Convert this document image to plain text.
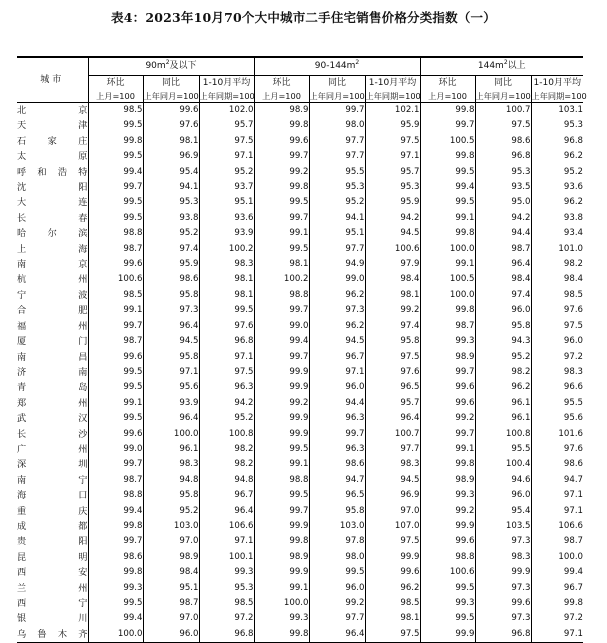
表4：2023年10月70个大中城市二手住宅销售价格分类指数（一）
城市	$90m^2$及以下			$90-144m^2$			$144m^2$以上		
	环比	同比	1-10月平均	环比	同比	1-10月平均	环比	同比	1-10月平均
	上月=100	上年同月=100	上年同期=100	上月=100	上年同月=100	上年同期=100	上月=100	上年同月=100	上年同期=100
北京	98.5	99.6	102.0	98.9	99.7	102.1	99.8	100.7	103.1
天津	99.5	97.6	95.7	99.8	98.0	95.9	99.7	97.5	95.3
石家庄	99.8	98.1	97.5	99.6	97.7	97.5	100.5	98.6	96.8
太原	99.5	96.9	97.1	99.7	97.7	97.1	99.8	96.8	96.2
呼和浩特	99.4	95.4	95.2	99.2	95.5	95.7	99.5	95.3	95.2
沈阳	99.7	94.1	93.7	99.8	95.3	95.3	99.4	93.5	93.6
大连	99.5	95.3	95.1	99.5	95.2	95.9	99.5	95.0	96.2
长春	99.5	93.8	93.6	99.7	94.1	94.2	99.1	94.2	93.8
哈尔滨	98.8	95.2	93.9	99.1	95.1	94.5	99.8	94.4	93.4
上海	98.7	97.4	100.2	99.5	97.7	100.6	100.0	98.7	101.0
南京	99.6	95.9	98.3	98.1	94.9	97.9	99.1	96.4	98.2
杭州	100.6	98.6	98.1	100.2	99.0	98.4	100.5	98.4	98.4
宁波	98.5	95.8	98.1	98.8	96.2	98.1	100.0	97.4	98.5
合肥	99.1	97.3	99.5	99.7	97.3	99.2	99.8	96.0	97.6
福州	99.7	96.4	97.6	99.0	96.2	97.4	98.7	95.8	97.5
厦门	98.7	94.5	96.8	99.4	94.5	95.8	99.3	94.3	96.0
南昌	99.6	95.8	97.1	99.7	96.7	97.5	98.9	95.2	97.2
济南	99.5	97.1	97.5	99.9	97.1	97.6	99.7	98.2	98.3
青岛	99.5	95.6	96.3	99.9	96.0	96.5	99.6	96.2	96.6
郑州	99.1	93.9	94.2	99.2	94.4	95.7	99.6	96.1	95.5
武汉	99.5	96.4	95.2	99.9	96.3	96.4	99.2	96.1	95.6
长沙	99.6	100.0	100.8	99.9	99.7	100.7	99.7	100.8	101.6
广州	99.0	96.1	98.2	99.5	96.3	97.7	99.1	95.5	97.6
深圳	99.7	98.3	98.2	99.1	98.6	98.3	99.8	100.4	98.6
南宁	98.7	94.8	94.8	98.8	94.7	94.5	98.9	94.6	94.7
海口	98.8	95.8	96.7	99.5	96.5	96.9	99.3	96.0	97.1
重庆	99.4	95.2	96.4	99.7	95.8	97.0	99.2	95.4	97.1
成都	99.8	103.0	106.6	99.9	103.0	107.0	99.9	103.5	106.6
贵阳	99.7	97.0	97.1	99.8	97.8	97.5	99.6	97.3	98.7
昆明	98.6	98.9	100.1	98.9	98.0	99.9	98.8	98.3	100.0
西安	99.8	98.4	99.3	99.9	99.5	99.6	100.6	99.9	99.4
兰州	99.3	95.1	95.3	99.1	96.0	96.2	99.5	97.3	96.7
西宁	99.5	98.7	98.5	100.0	99.2	98.5	99.3	99.6	99.8
银川	99.4	97.0	97.2	99.3	97.7	98.1	99.5	97.3	97.2
乌鲁木齐	100.0	96.0	96.8	99.8	96.4	97.5	99.9	96.8	97.1
